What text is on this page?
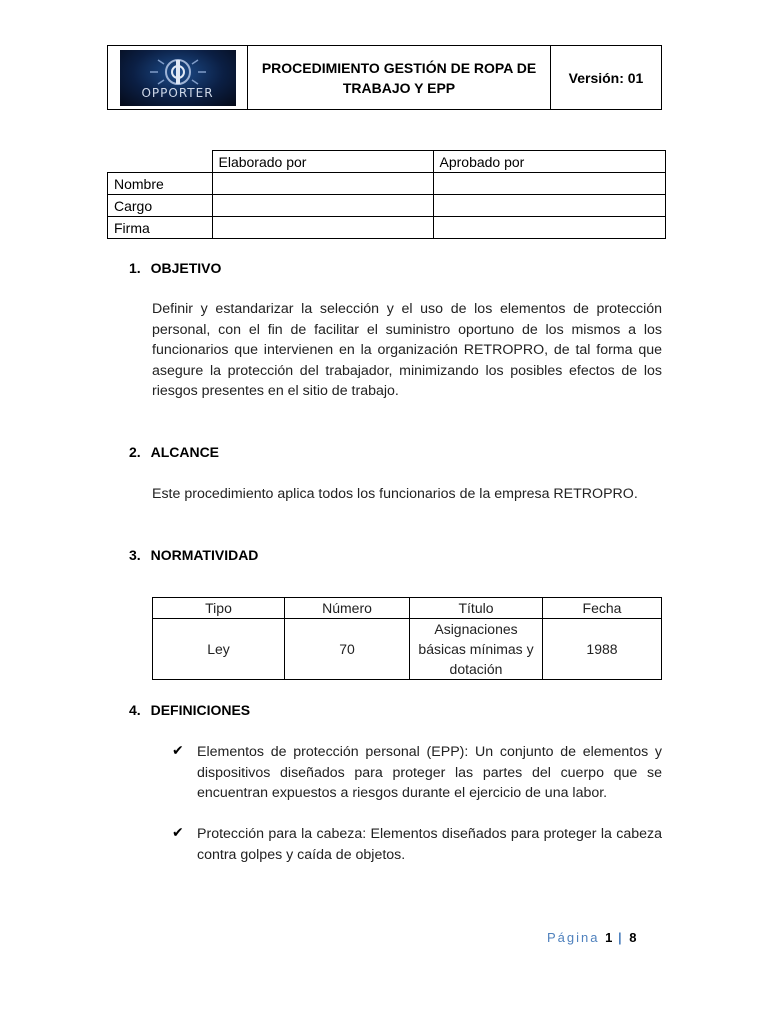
OPPORTER
PROCEDIMIENTO GESTIÓN DE ROPA DE TRABAJO Y EPP
Versión: 01
	Elaborado por	Aprobado por
Nombre		
Cargo		
Firma		
1. OBJETIVO
Definir y estandarizar la selección y el uso de los elementos de protección personal, con el fin de facilitar el suministro oportuno de los mismos a los funcionarios que intervienen en la organización RETROPRO, de tal forma que asegure la protección del trabajador, minimizando los posibles efectos de los riesgos presentes en el sitio de trabajo.
2. ALCANCE
Este procedimiento aplica todos los funcionarios de la empresa RETROPRO.
3. NORMATIVIDAD
Tipo	Número	Título	Fecha
Ley	70	Asignaciones básicas mínimas y dotación	1988
4. DEFINICIONES
✔ Elementos de protección personal (EPP): Un conjunto de elementos y dispositivos diseñados para proteger las partes del cuerpo que se encuentran expuestos a riesgos durante el ejercicio de una labor.
✔ Protección para la cabeza: Elementos diseñados para proteger la cabeza contra golpes y caída de objetos.
Página 1 | 8
